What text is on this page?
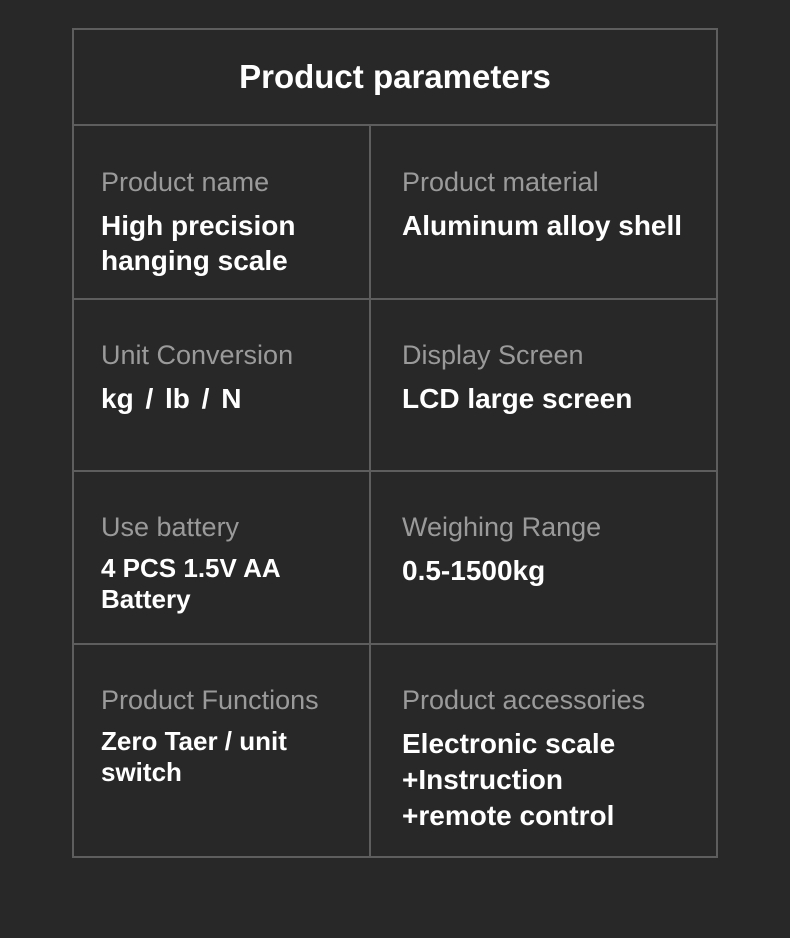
Product parameters
Product name
High precision hanging scale
Product material
Aluminum alloy shell
Unit Conversion
kg / lb / N
Display Screen
LCD large screen
Use battery
4 PCS 1.5V AA Battery
Weighing Range
0.5-1500kg
Product Functions
Zero Taer / unit switch
Product accessories
Electronic scale +Instruction +remote control
